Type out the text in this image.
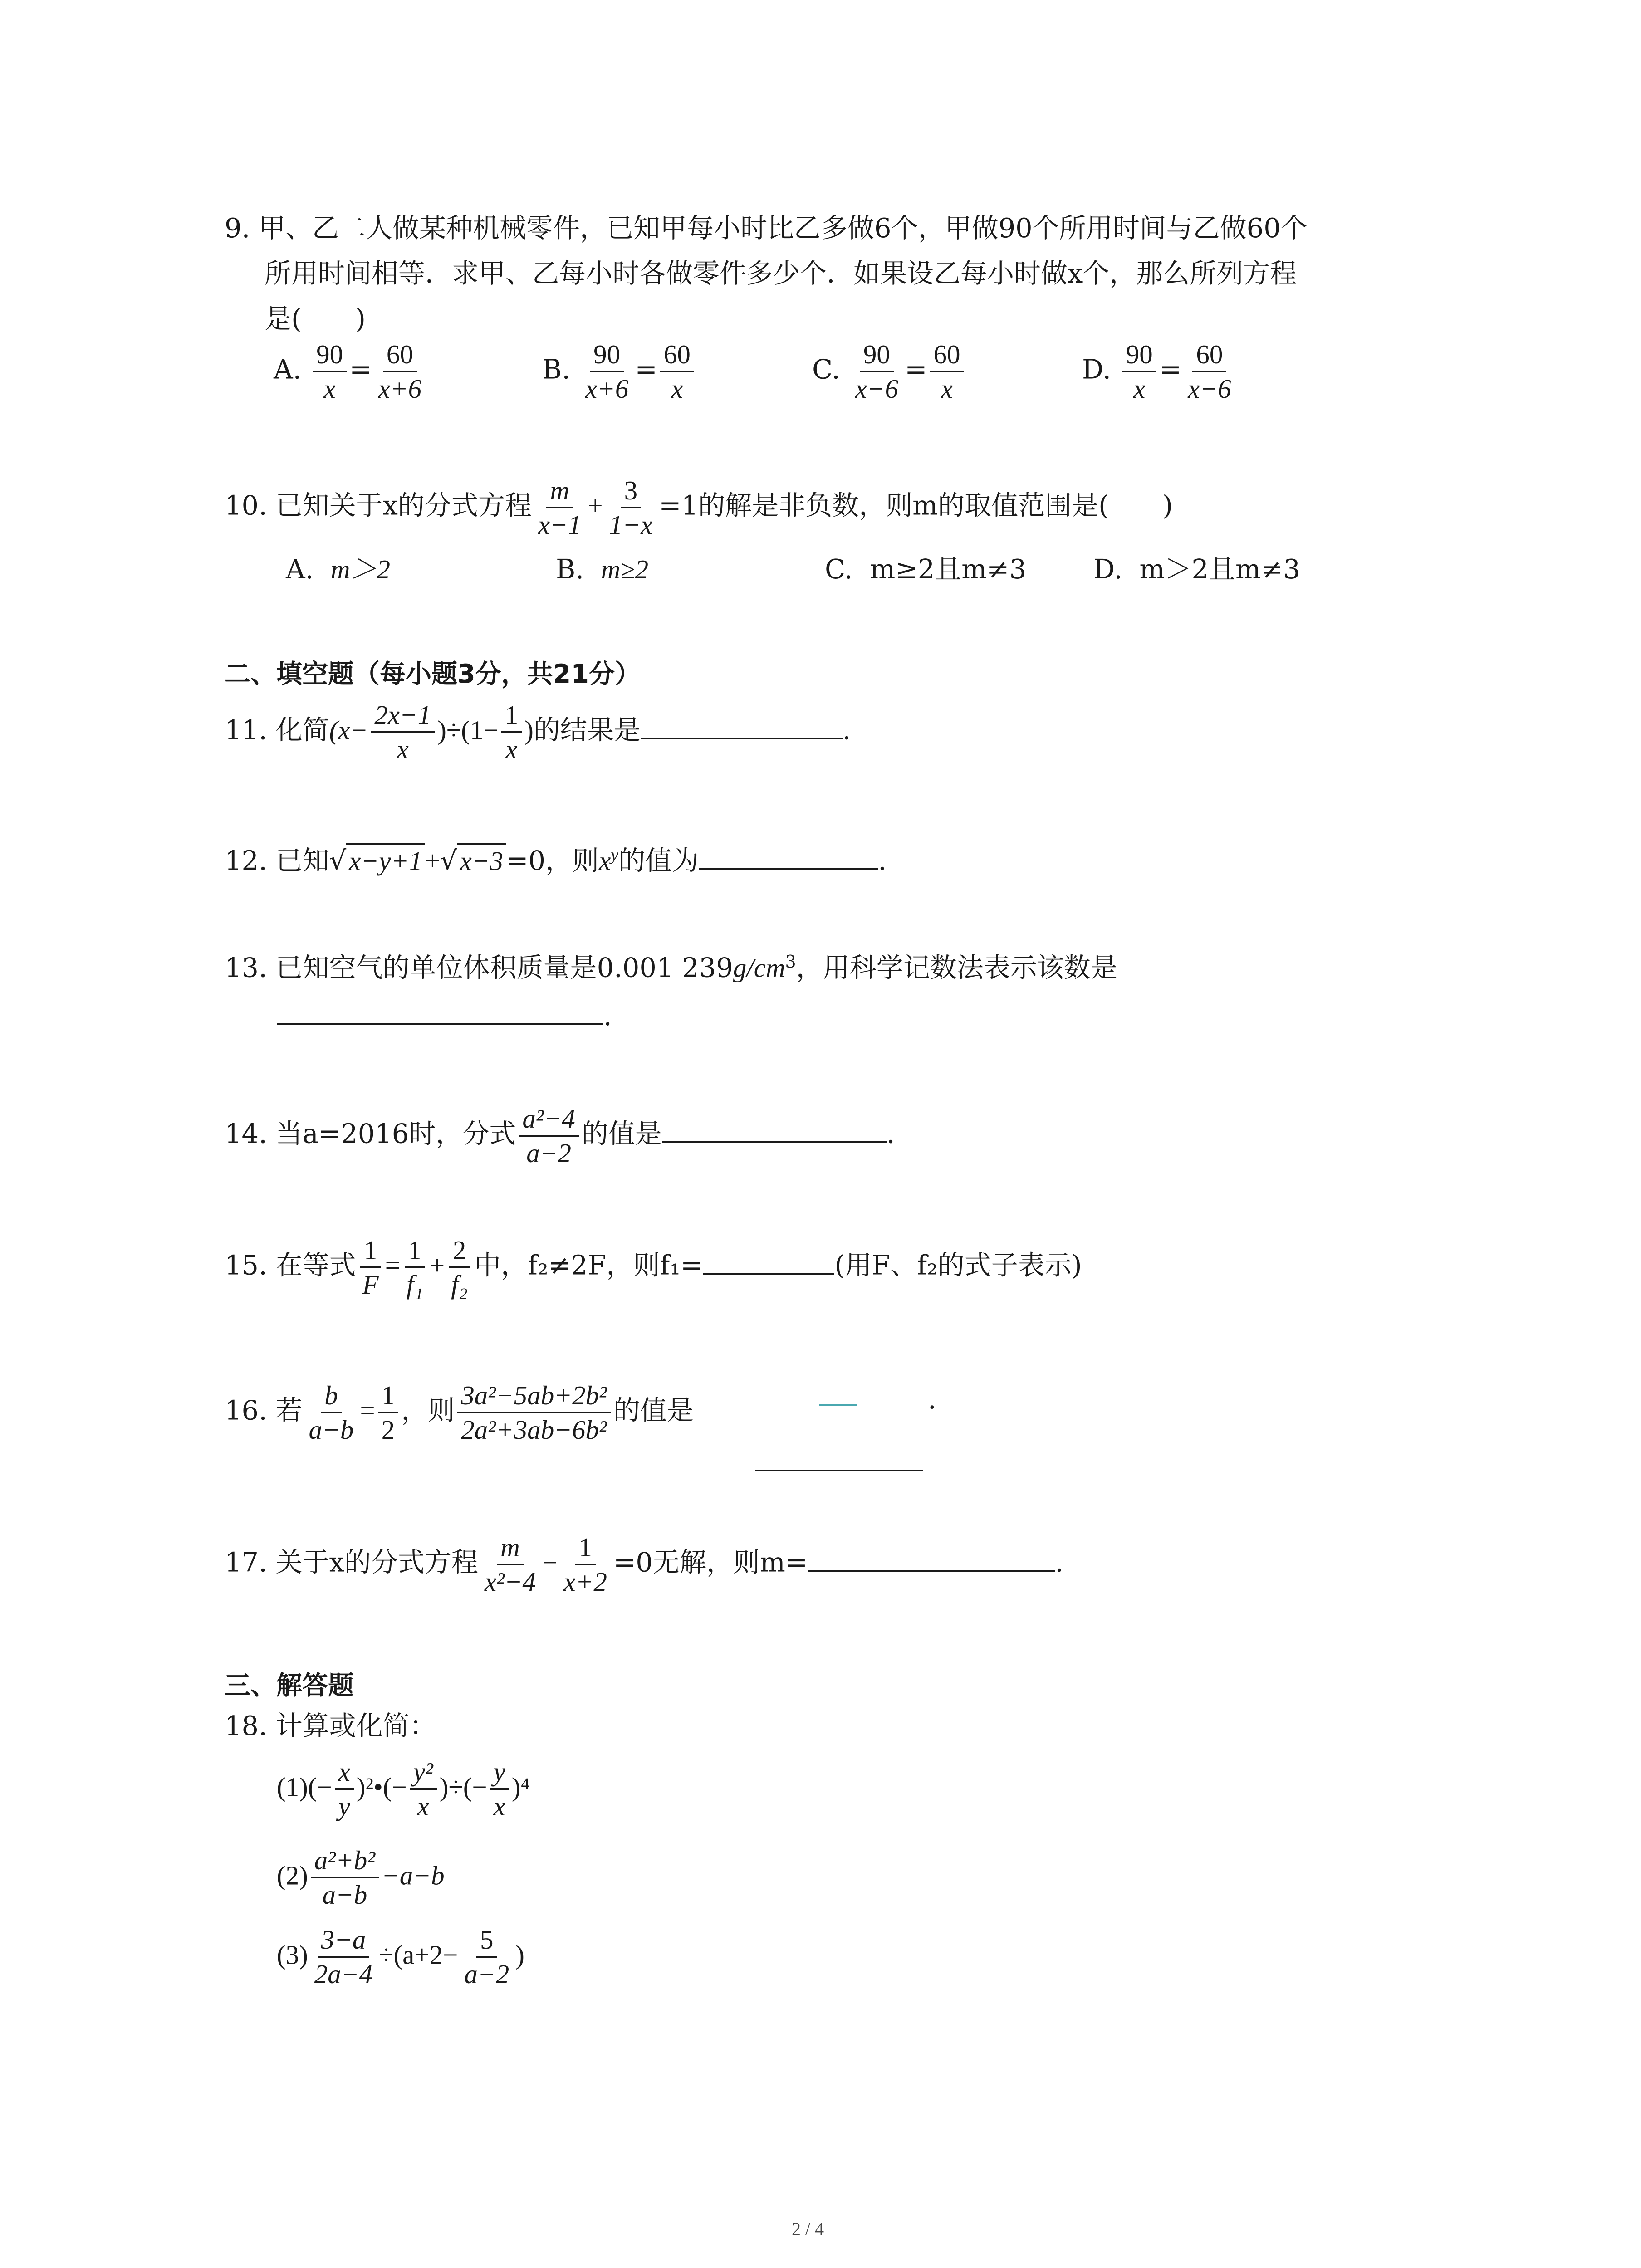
9. 甲、乙二人做某种机械零件，已知甲每小时比乙多做6个，甲做90个所用时间与乙做60个
所用时间相等．求甲、乙每小时各做零件多少个．如果设乙每小时做x个，那么所列方程
是(　　)
A. $\frac{90}{x} = \frac{60}{x+6}$	B. $\frac{90}{x+6} = \frac{60}{x}$	C. $\frac{90}{x-6} = \frac{60}{x}$	D. $\frac{90}{x} = \frac{60}{x-6}$
10. 已知关于x的分式方程 $\frac{m}{x-1} + \frac{3}{1-x} =1$的解是非负数，则m的取值范围是(　　)
A. m＞2	B. m≥2	C. m≥2且m≠3	D. m＞2且m≠3
二、填空题（每小题3分，共21分）
11. 化简$(x- \frac{2x-1}{x} )\div(1- \frac{1}{x}$ )的结果是	.
12. 已知√ x−y+1 +√ x−3 =0，则$x^y$的值为	.
13. 已知空气的单位体积质量是0.001 $239g/cm^3$，用科学记数法表示该数是
.
14. 当a=2016时，分式 $\frac{\text{a²−4}}{a-2}$ 的值是	.
15. 在等式 $\frac{1}{F} = \frac{1}{\text{f₁}} + \frac{2}{\text{f₂}}$ 中，f₂≠2F，则f₁=	(用F、f₂的式子表示)
16. 若 $\frac{b}{a-b} = \frac{1}{2}$ ，则 $\frac{\text{3a²−5ab+2b²}}{\text{2a²+3ab−6b²}}$ 的值是	.
17. 关于x的分式方程 $\frac{m}{\text{x²−4}} - \frac{1}{x+2} =0$无解，则m=	.
三、解答题
18. 计算或化简：
$(1)(- \frac{x}{y}$ )²•(− $\frac{\text{y²}}{x}$ )÷(− $\frac{y}{x} )^4$
$(2) \frac{\text{a²+b²}}{a-b} -a-b$
$(3) \frac{3-a}{2a-4} \div(a+2- \frac{5}{a-2}$ )
2 / 4
